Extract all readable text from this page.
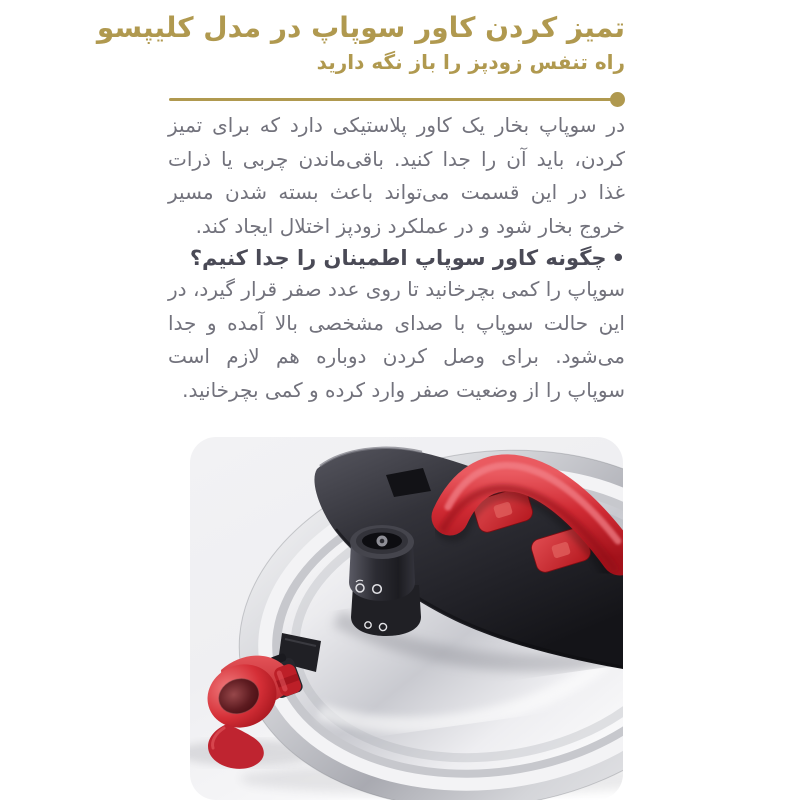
تمیز کردن کاور سوپاپ در مدل کلیپسو
راه تنفس زودپز را باز نگه دارید

در سوپاپ بخار یک کاور پلاستیکی دارد که برای تمیز
کردن، باید آن را جدا کنید. باقی‌ماندن چربی یا ذرات
غذا در این قسمت می‌تواند باعث بسته شدن مسیر
خروج بخار شود و در عملکرد زودپز اختلال ایجاد کند.

•چگونه کاور سوپاپ اطمینان را جدا کنیم؟

سوپاپ را کمی بچرخانید تا روی عدد صفر قرار گیرد، در
این حالت سوپاپ با صدای مشخصی بالا آمده و جدا
می‌شود. برای وصل کردن دوباره هم لازم است
سوپاپ را از وضعیت صفر وارد کرده و کمی بچرخانید.
